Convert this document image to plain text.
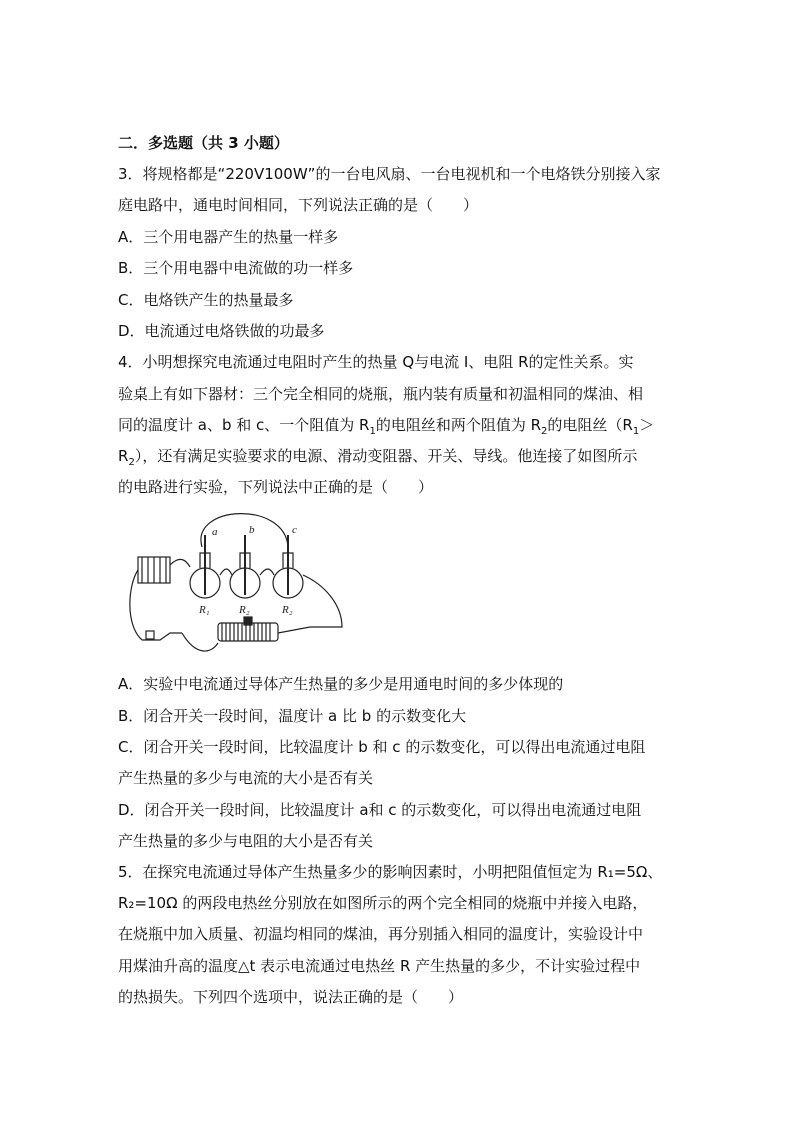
二．多选题（共 3 小题）
3．将规格都是“220V100W”的一台电风扇、一台电视机和一个电烙铁分别接入家
庭电路中，通电时间相同，下列说法正确的是（　　）
A．三个用电器产生的热量一样多
B．三个用电器中电流做的功一样多
C．电烙铁产生的热量最多
D．电流通过电烙铁做的功最多
4．小明想探究电流通过电阻时产生的热量 Q与电流 I、电阻 R的定性关系。实
验桌上有如下器材：三个完全相同的烧瓶，瓶内装有质量和初温相同的煤油、相
同的温度计 a、b 和 c、一个阻值为 $R_1$的电阻丝和两个阻值为 $R_2$的电阻丝（$R_1>$
$R_2$），还有满足实验要求的电源、滑动变阻器、开关、导线。他连接了如图所示
的电路进行实验，下列说法中正确的是（　　）
a	b	c
R₁	R₂	R₂
A．实验中电流通过导体产生热量的多少是用通电时间的多少体现的
B．闭合开关一段时间，温度计 a 比 b 的示数变化大
C．闭合开关一段时间，比较温度计 b 和 c 的示数变化，可以得出电流通过电阻
产生热量的多少与电流的大小是否有关
D．闭合开关一段时间，比较温度计 a和 c 的示数变化，可以得出电流通过电阻
产生热量的多少与电阻的大小是否有关
5．在探究电流通过导体产生热量多少的影响因素时，小明把阻值恒定为 R₁=5Ω、
R₂=10Ω 的两段电热丝分别放在如图所示的两个完全相同的烧瓶中并接入电路，
在烧瓶中加入质量、初温均相同的煤油，再分别插入相同的温度计，实验设计中
用煤油升高的温度△t 表示电流通过电热丝 R 产生热量的多少，不计实验过程中
的热损失。下列四个选项中，说法正确的是（　　）
